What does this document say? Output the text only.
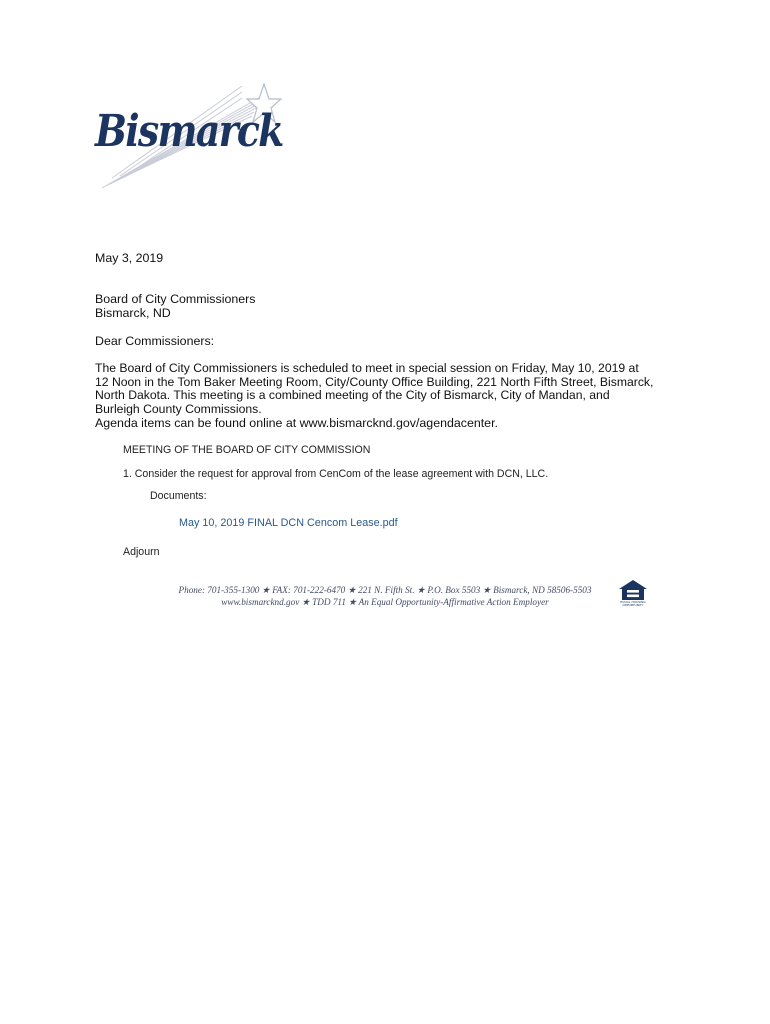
Bismarck
May 3, 2019
Board of City Commissioners
Bismarck, ND
Dear Commissioners:
The Board of City Commissioners is scheduled to meet in special session on Friday, May 10, 2019 at 12 Noon in the Tom Baker Meeting Room, City/County Office Building, 221 North Fifth Street, Bismarck, North Dakota. This meeting is a combined meeting of the City of Bismarck, City of Mandan, and Burleigh County Commissions.
Agenda items can be found online at www.bismarcknd.gov/agendacenter.
MEETING OF THE BOARD OF CITY COMMISSION
1. Consider the request for approval from CenCom of the lease agreement with DCN, LLC.
Documents:
May 10, 2019 FINAL DCN Cencom Lease.pdf
Adjourn
Phone: 701-355-1300 ★ FAX: 701-222-6470 ★ 221 N. Fifth St. ★ P.O. Box 5503 ★ Bismarck, ND 58506-5503
www.bismarcknd.gov ★ TDD 711 ★ An Equal Opportunity-Affirmative Action Employer	EQUAL HOUSING OPPORTUNITY
